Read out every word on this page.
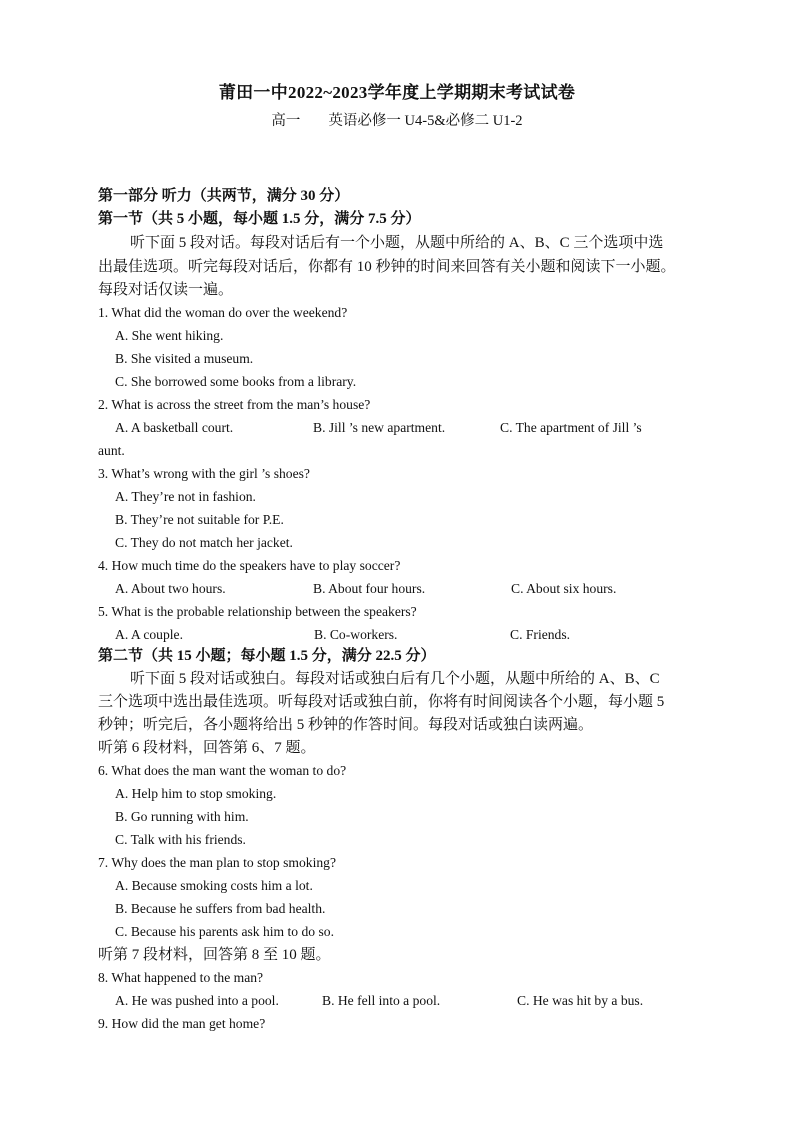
莆田一中2022~2023学年度上学期期末考试试卷
高一 英语必修一 U4-5&必修二 U1-2
第一部分 听力（共两节，满分 30 分）
第一节（共 5 小题，每小题 1.5 分，满分 7.5 分）
听下面 5 段对话。每段对话后有一个小题，从题中所给的 A、B、C 三个选项中选
出最佳选项。听完每段对话后，你都有 10 秒钟的时间来回答有关小题和阅读下一小题。
每段对话仅读一遍。
1. What did the woman do over the weekend?
A. She went hiking.
B. She visited a museum.
C. She borrowed some books from a library.
2. What is across the street from the man’s house?
A. A basketball court.	B. Jill ’s new apartment.	C. The apartment of Jill ’s
aunt.
3. What’s wrong with the girl ’s shoes?
A. They’re not in fashion.
B. They’re not suitable for P.E.
C. They do not match her jacket.
4. How much time do the speakers have to play soccer?
A. About two hours.	B. About four hours.	C. About six hours.
5. What is the probable relationship between the speakers?
A. A couple.	B. Co-workers.	C. Friends.
第二节（共 15 小题；每小题 1.5 分，满分 22.5 分）
听下面 5 段对话或独白。每段对话或独白后有几个小题，从题中所给的 A、B、C
三个选项中选出最佳选项。听每段对话或独白前，你将有时间阅读各个小题，每小题 5
秒钟；听完后，各小题将给出 5 秒钟的作答时间。每段对话或独白读两遍。
听第 6 段材料，回答第 6、7 题。
6. What does the man want the woman to do?
A. Help him to stop smoking.
B. Go running with him.
C. Talk with his friends.
7. Why does the man plan to stop smoking?
A. Because smoking costs him a lot.
B. Because he suffers from bad health.
C. Because his parents ask him to do so.
听第 7 段材料，回答第 8 至 10 题。
8. What happened to the man?
A. He was pushed into a pool.	B. He fell into a pool.	C. He was hit by a bus.
9. How did the man get home?
